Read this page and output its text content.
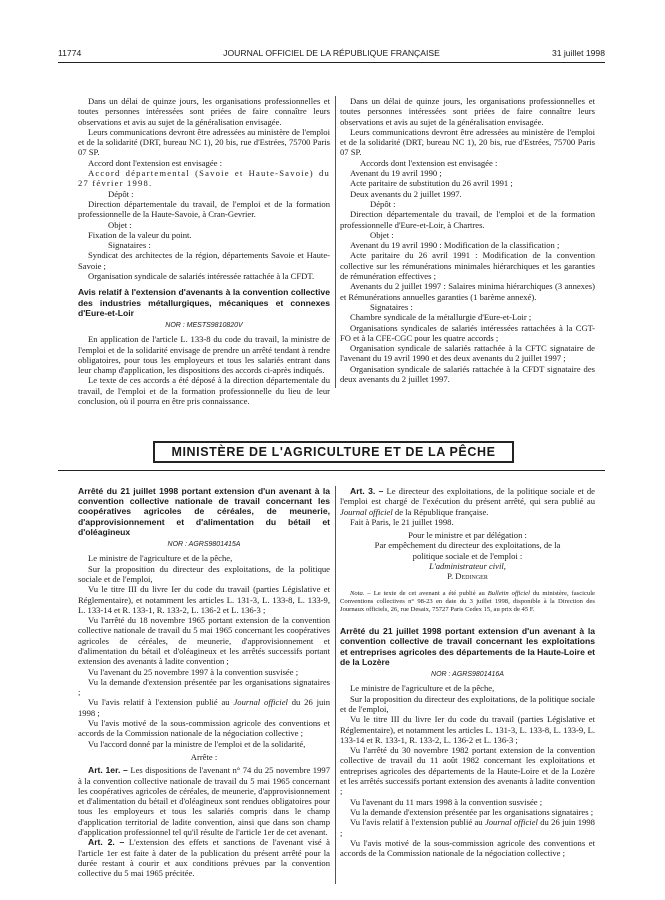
11774	JOURNAL OFFICIEL DE LA RÉPUBLIQUE FRANÇAISE	31 juillet 1998

Dans un délai de quinze jours, les organisations professionnelles et toutes personnes intéressées sont priées de faire connaître leurs observations et avis au sujet de la généralisation envisagée.

Leurs communications devront être adressées au ministère de l'emploi et de la solidarité (DRT, bureau NC 1), 20 bis, rue d'Estrées, 75700 Paris 07 SP.

Accord dont l'extension est envisagée :

Accord départemental (Savoie et Haute-Savoie) du 27 février 1998.

Dépôt :

Direction départementale du travail, de l'emploi et de la formation professionnelle de la Haute-Savoie, à Cran-Gevrier.

Objet :

Fixation de la valeur du point.

Signataires :

Syndicat des architectes de la région, départements Savoie et Haute-Savoie ;

Organisation syndicale de salariés intéressée rattachée à la CFDT.

Avis relatif à l'extension d'avenants à la convention collective des industries métallurgiques, mécaniques et connexes d'Eure-et-Loir

NOR : MESTS9810820V

En application de l'article L. 133-8 du code du travail, la ministre de l'emploi et de la solidarité envisage de prendre un arrêté tendant à rendre obligatoires, pour tous les employeurs et tous les salariés entrant dans leur champ d'application, les dispositions des accords ci-après indiqués.

Le texte de ces accords a été déposé à la direction départementale du travail, de l'emploi et de la formation professionnelle du lieu de leur conclusion, où il pourra en être pris connaissance.

Dans un délai de quinze jours, les organisations professionnelles et toutes personnes intéressées sont priées de faire connaître leurs observations et avis au sujet de la généralisation envisagée.

Leurs communications devront être adressées au ministère de l'emploi et de la solidarité (DRT, bureau NC 1), 20 bis, rue d'Estrées, 75700 Paris 07 SP.

Accords dont l'extension est envisagée :

Avenant du 19 avril 1990 ;

Acte paritaire de substitution du 26 avril 1991 ;

Deux avenants du 2 juillet 1997.

Dépôt :

Direction départementale du travail, de l'emploi et de la formation professionnelle d'Eure-et-Loir, à Chartres.

Objet :

Avenant du 19 avril 1990 : Modification de la classification ;

Acte paritaire du 26 avril 1991 : Modification de la convention collective sur les rémunérations minimales hiérarchiques et les garanties de rémunération effectives ;

Avenants du 2 juillet 1997 : Salaires minima hiérarchiques (3 annexes) et Rémunérations annuelles garanties (1 barème annexé).

Signataires :

Chambre syndicale de la métallurgie d'Eure-et-Loir ;

Organisations syndicales de salariés intéressées rattachées à la CGT-FO et à la CFE-CGC pour les quatre accords ;

Organisation syndicale de salariés rattachée à la CFTC signataire de l'avenant du 19 avril 1990 et des deux avenants du 2 juillet 1997 ;

Organisation syndicale de salariés rattachée à la CFDT signataire des deux avenants du 2 juillet 1997.

MINISTÈRE DE L'AGRICULTURE ET DE LA PÊCHE

Arrêté du 21 juillet 1998 portant extension d'un avenant à la convention collective nationale de travail concernant les coopératives agricoles de céréales, de meunerie, d'approvisionnement et d'alimentation du bétail et d'oléagineux

NOR : AGRS9801415A

Le ministre de l'agriculture et de la pêche,

Sur la proposition du directeur des exploitations, de la politique sociale et de l'emploi,

Vu le titre III du livre Ier du code du travail (parties Législative et Réglementaire), et notamment les articles L. 131-3, L. 133-8, L. 133-9, L. 133-14 et R. 133-1, R. 133-2, L. 136-2 et L. 136-3 ;

Vu l'arrêté du 18 novembre 1965 portant extension de la convention collective nationale de travail du 5 mai 1965 concernant les coopératives agricoles de céréales, de meunerie, d'approvisionnement et d'alimentation du bétail et d'oléagineux et les arrêtés successifs portant extension des avenants à ladite convention ;

Vu l'avenant du 25 novembre 1997 à la convention susvisée ;

Vu la demande d'extension présentée par les organisations signataires ;

Vu l'avis relatif à l'extension publié au Journal officiel du 26 juin 1998 ;

Vu l'avis motivé de la sous-commission agricole des conventions et accords de la Commission nationale de la négociation collective ;

Vu l'accord donné par la ministre de l'emploi et de la solidarité,

Arrête :

Art. 1er. – Les dispositions de l'avenant n° 74 du 25 novembre 1997 à la convention collective nationale de travail du 5 mai 1965 concernant les coopératives agricoles de céréales, de meunerie, d'approvisionnement et d'alimentation du bétail et d'oléagineux sont rendues obligatoires pour tous les employeurs et tous les salariés compris dans le champ d'application territorial de ladite convention, ainsi que dans son champ d'application professionnel tel qu'il résulte de l'article 1er de cet avenant.

Art. 2. – L'extension des effets et sanctions de l'avenant visé à l'article 1er est faite à dater de la publication du présent arrêté pour la durée restant à courir et aux conditions prévues par la convention collective du 5 mai 1965 précitée.

Art. 3. – Le directeur des exploitations, de la politique sociale et de l'emploi est chargé de l'exécution du présent arrêté, qui sera publié au Journal officiel de la République française.

Fait à Paris, le 21 juillet 1998.

Pour le ministre et par délégation :

Par empêchement du directeur des exploitations, de la politique sociale et de l'emploi :

L'administrateur civil,

P. Dedinger

Nota. – Le texte de cet avenant a été publié au Bulletin officiel du ministère, fascicule Conventions collectives n° 98-23 en date du 3 juillet 1998, disponible à la Direction des Journaux officiels, 26, rue Desaix, 75727 Paris Cedex 15, au prix de 45 F.

Arrêté du 21 juillet 1998 portant extension d'un avenant à la convention collective de travail concernant les exploitations et entreprises agricoles des départements de la Haute-Loire et de la Lozère

NOR : AGRS9801416A

Le ministre de l'agriculture et de la pêche,

Sur la proposition du directeur des exploitations, de la politique sociale et de l'emploi,

Vu le titre III du livre Ier du code du travail (parties Législative et Réglementaire), et notamment les articles L. 131-3, L. 133-8, L. 133-9, L. 133-14 et R. 133-1, R. 133-2, L. 136-2 et L. 136-3 ;

Vu l'arrêté du 30 novembre 1982 portant extension de la convention collective de travail du 11 août 1982 concernant les exploitations et entreprises agricoles des départements de la Haute-Loire et de la Lozère et les arrêtés successifs portant extension des avenants à ladite convention ;

Vu l'avenant du 11 mars 1998 à la convention susvisée ;

Vu la demande d'extension présentée par les organisations signataires ;

Vu l'avis relatif à l'extension publié au Journal officiel du 26 juin 1998 ;

Vu l'avis motivé de la sous-commission agricole des conventions et accords de la Commission nationale de la négociation collective ;
